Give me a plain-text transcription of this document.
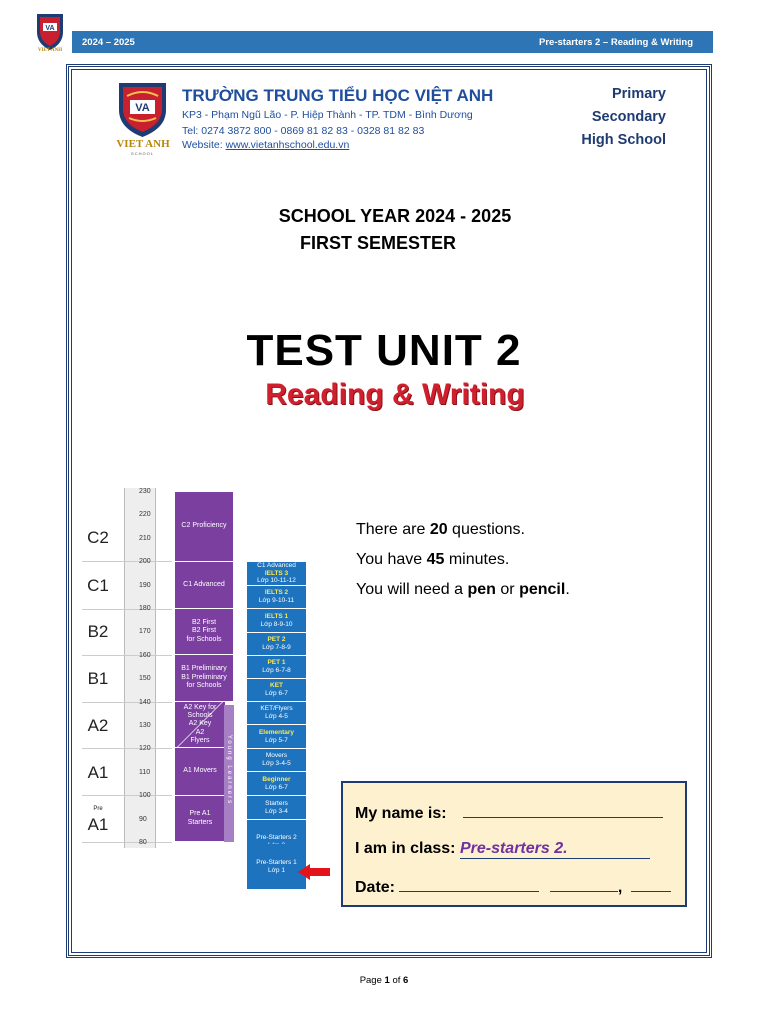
VA
VIET ANH
2024 – 2025	Pre-starters 2 – Reading & Writing
VA
VIET ANH
SCHOOL
TRƯỜNG TRUNG TIỂU HỌC VIỆT ANH
KP3 - Phạm Ngũ Lão - P. Hiệp Thành - TP. TDM - Bình Dương
Tel: 0274 3872 800 - 0869 81 82 83 - 0328 81 82 83
Website: www.vietanhschool.edu.vn
Primary
Secondary
High School
SCHOOL YEAR 2024 - 2025
FIRST SEMESTER
TEST UNIT 2
Reading & Writing
C2
C1
B2
B1
A2
A1
Pre
A1
230
220
210
200
190
180
170
160
150
140
130
120
110
100
90
80
C2 Proficiency
C1 Advanced
B2 First
B2 First
for Schools
B1 Preliminary
B1 Preliminary
for Schools
A2 Key for
Schools
A2 Key
A2
Flyers
A1 Movers
Pre A1
Starters
C1 Advanced
IELTS 3
Lớp 10-11-12
IELTS 2
Lớp 9-10-11
IELTS 1
Lớp 8-9-10
PET 2
Lớp 7-8-9
PET 1
Lớp 6-7-8
KET
Lớp 6-7
KET/Flyers
Lớp 4-5
Elementary
Lớp 5-7
Movers
Lớp 3-4-5
Beginner
Lớp 6-7
Starters
Lớp 3-4
Pre-Starters 2
Pre-Starters 1
Lớp 1
Young Learners
There are 20 questions.
You have 45 minutes.
You will need a pen or pencil.
My name is:
I am in class: Pre-starters 2.
Date:	,
Page 1 of 6
